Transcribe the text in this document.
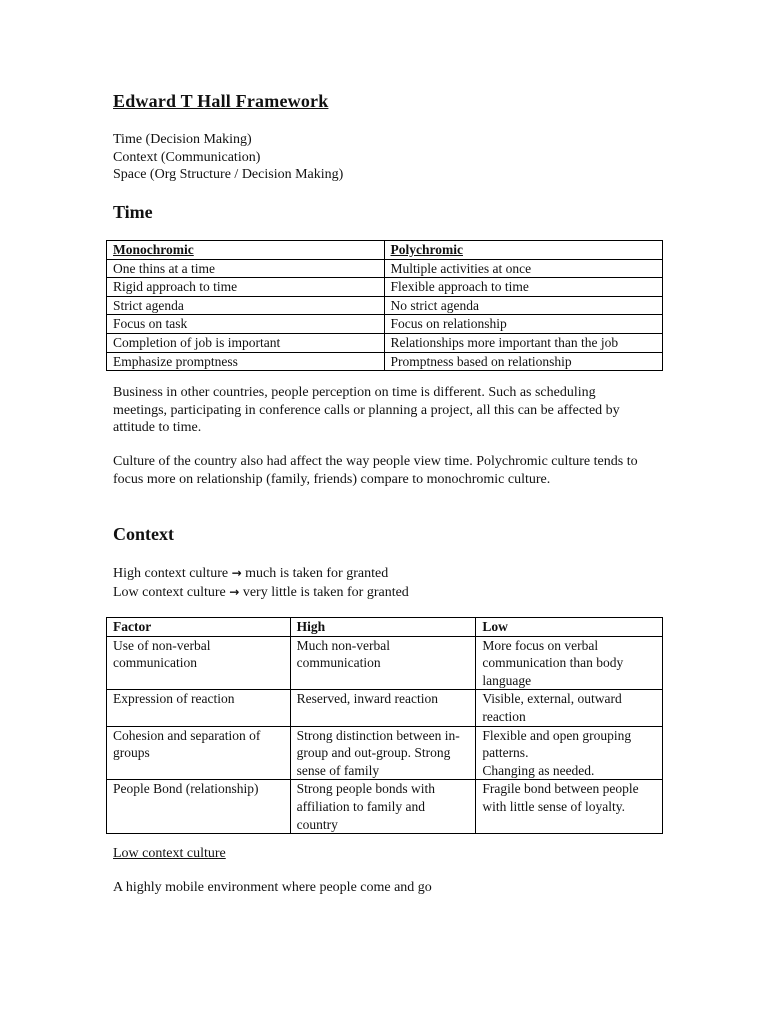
Edward T Hall Framework
Time (Decision Making)
Context (Communication)
Space (Org Structure / Decision Making)
Time
Monochromic	Polychromic
One thins at a time	Multiple activities at once
Rigid approach to time	Flexible approach to time
Strict agenda	No strict agenda
Focus on task	Focus on relationship
Completion of job is important	Relationships more important than the job
Emphasize promptness	Promptness based on relationship
Business in other countries, people perception on time is different. Such as scheduling meetings, participating in conference calls or planning a project, all this can be affected by attitude to time.
Culture of the country also had affect the way people view time. Polychromic culture tends to focus more on relationship (family, friends) compare to monochromic culture.
Context
High context culture → much is taken for granted
Low context culture → very little is taken for granted
Factor	High	Low
Use of non-verbal communication	Much non-verbal communication	More focus on verbal communication than body language
Expression of reaction	Reserved, inward reaction	Visible, external, outward reaction
Cohesion and separation of groups	Strong distinction between in-group and out-group. Strong sense of family	Flexible and open grouping patterns.
Changing as needed.
People Bond (relationship)	Strong people bonds with affiliation to family and country	Fragile bond between people with little sense of loyalty.
Low context culture
A highly mobile environment where people come and go
